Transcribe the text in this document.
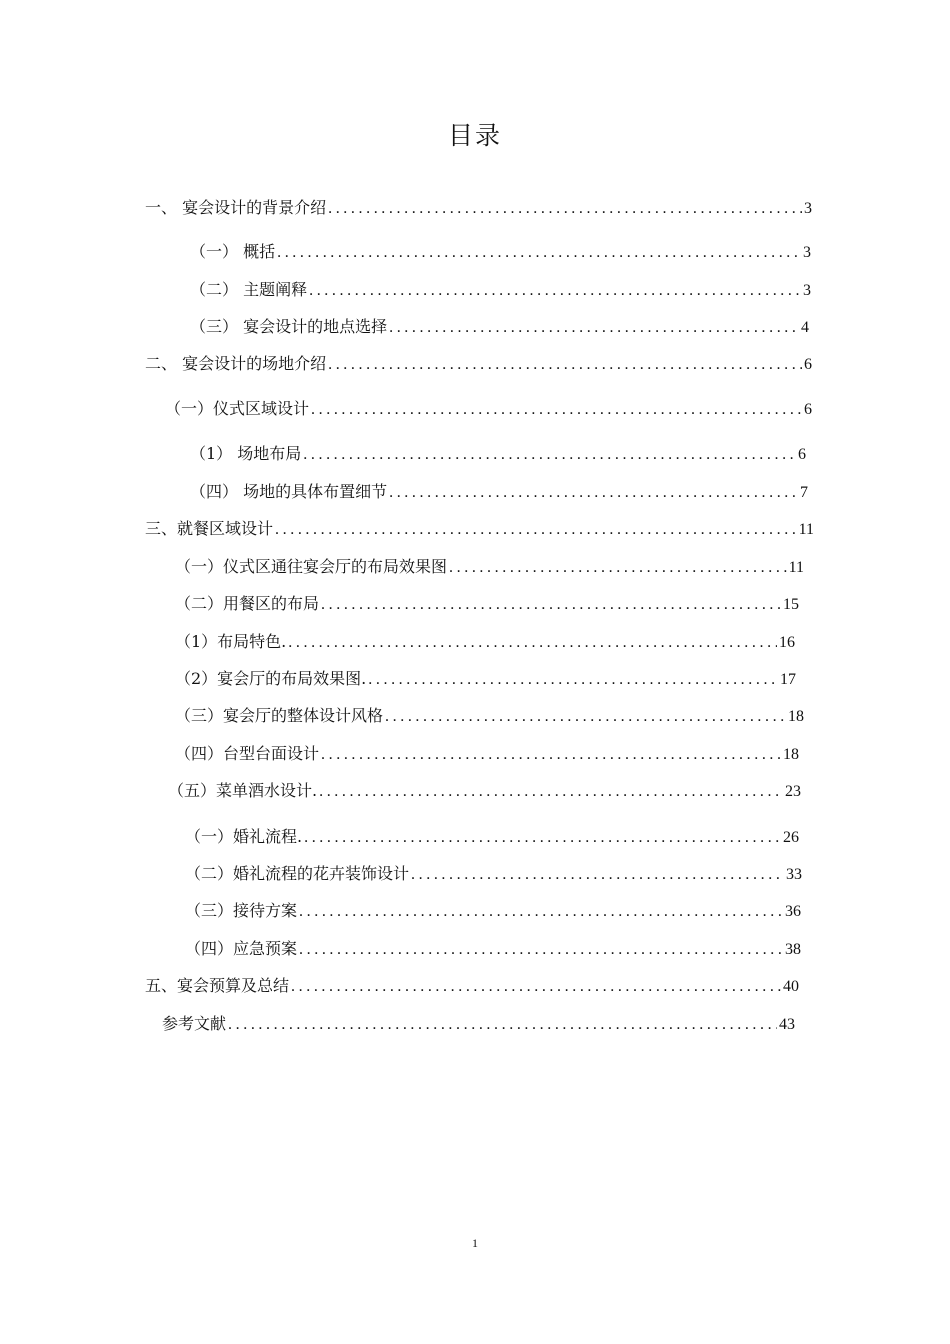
目录
一、 宴会设计的背景介绍 .....	3
（一） 概括 .....	3
（二） 主题阐释 .....	3
（三） 宴会设计的地点选择 .....	4
二、 宴会设计的场地介绍 .....	6
（一）仪式区域设计 .....	6
（1） 场地布局 .....	6
（四） 场地的具体布置细节 .....	7
三、就餐区域设计 .....	11
（一）仪式区通往宴会厅的布局效果图 .....	11
（二）用餐区的布局 .....	15
（1）布局特色. .....	16
（2）宴会厅的布局效果图. .....	17
（三）宴会厅的整体设计风格 .....	18
（四）台型台面设计 .....	18
（五）菜单酒水设计. .....	23
（一）婚礼流程. .....	26
（二）婚礼流程的花卉装饰设计 .....	33
（三）接待方案 .....	36
（四）应急预案 .....	38
五、宴会预算及总结 .....	40
参考文献 .....	43
1
